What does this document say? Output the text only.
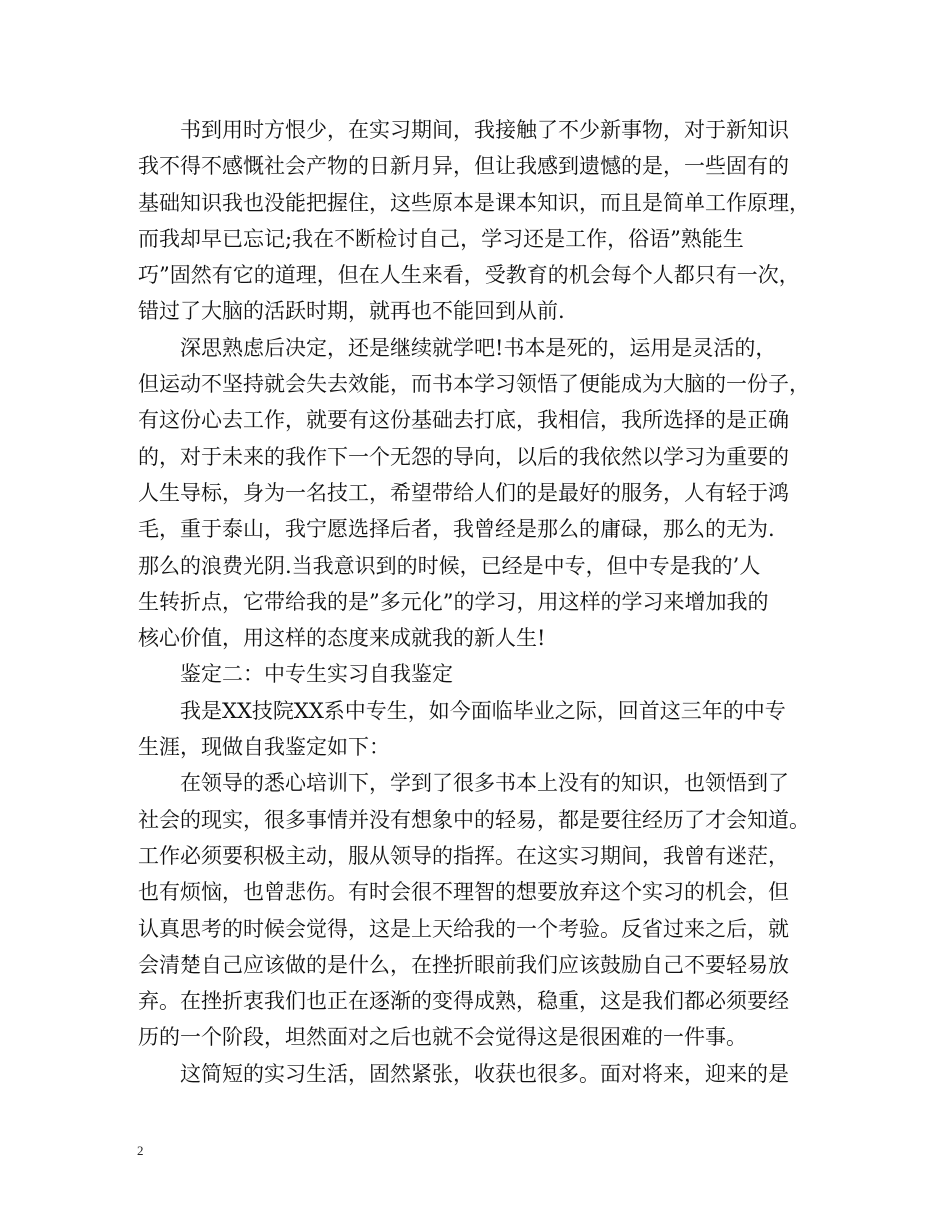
书到用时方恨少，在实习期间，我接触了不少新事物，对于新知识
我不得不感慨社会产物的日新月异，但让我感到遗憾的是，一些固有的
基础知识我也没能把握住，这些原本是课本知识，而且是简单工作原理，
而我却早已忘记;我在不断检讨自己，学习还是工作，俗语”熟能生
巧”固然有它的道理，但在人生来看，受教育的机会每个人都只有一次，
错过了大脑的活跃时期，就再也不能回到从前.
深思熟虑后决定，还是继续就学吧!书本是死的，运用是灵活的，
但运动不坚持就会失去效能，而书本学习领悟了便能成为大脑的一份子，
有这份心去工作，就要有这份基础去打底，我相信，我所选择的是正确
的，对于未来的我作下一个无怨的导向，以后的我依然以学习为重要的
人生导标，身为一名技工，希望带给人们的是最好的服务，人有轻于鸿
毛，重于泰山，我宁愿选择后者，我曾经是那么的庸碌，那么的无为.
那么的浪费光阴.当我意识到的时候，已经是中专，但中专是我的’人
生转折点，它带给我的是”多元化”的学习，用这样的学习来增加我的
核心价值，用这样的态度来成就我的新人生!
鉴定二：中专生实习自我鉴定
我是XX技院XX系中专生，如今面临毕业之际，回首这三年的中专
生涯，现做自我鉴定如下：
在领导的悉心培训下，学到了很多书本上没有的知识，也领悟到了
社会的现实，很多事情并没有想象中的轻易，都是要往经历了才会知道。
工作必须要积极主动，服从领导的指挥。在这实习期间，我曾有迷茫，
也有烦恼，也曾悲伤。有时会很不理智的想要放弃这个实习的机会，但
认真思考的时候会觉得，这是上天给我的一个考验。反省过来之后，就
会清楚自己应该做的是什么，在挫折眼前我们应该鼓励自己不要轻易放
弃。在挫折衷我们也正在逐渐的变得成熟，稳重，这是我们都必须要经
历的一个阶段，坦然面对之后也就不会觉得这是很困难的一件事。
这简短的实习生活，固然紧张，收获也很多。面对将来，迎来的是
2
